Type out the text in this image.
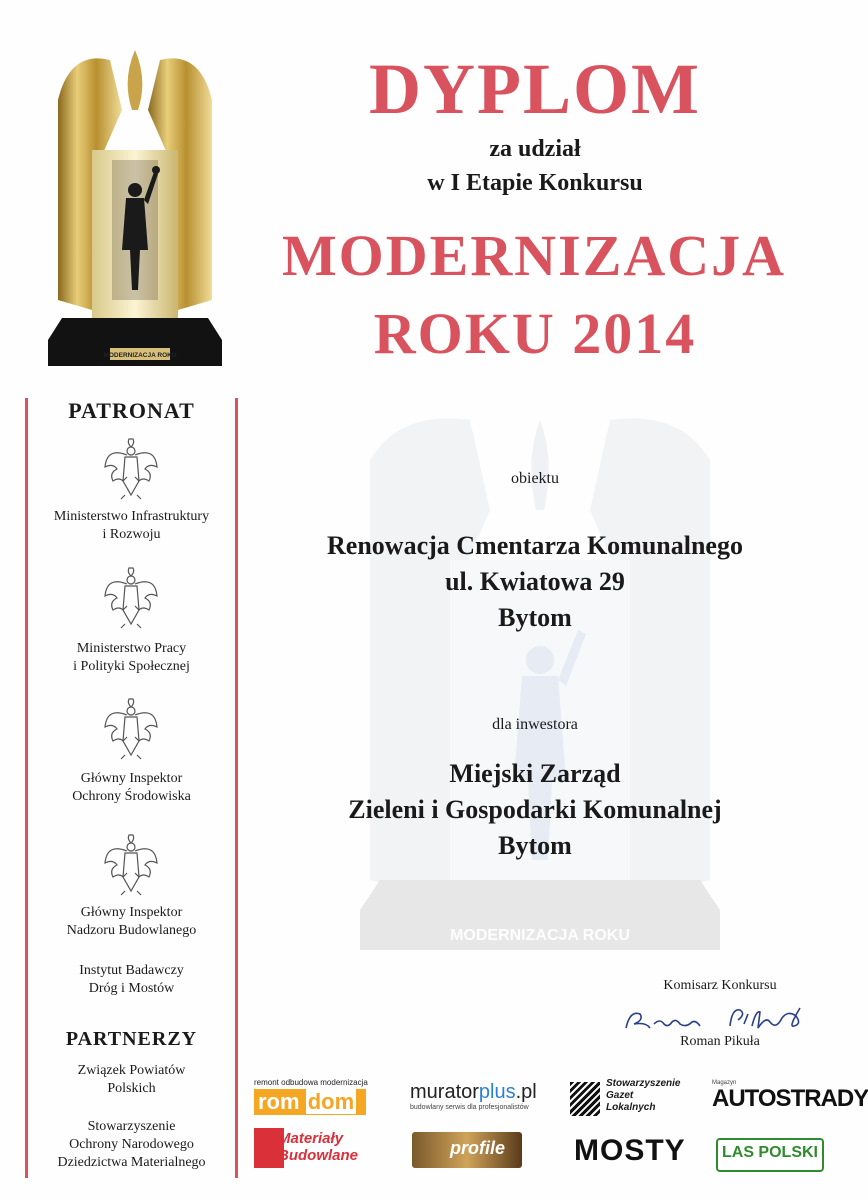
MODERNIZACJA ROKU
MODERNIZACJA ROKU
DYPLOM
za udział
w I Etapie Konkursu
MODERNIZACJA
ROKU 2014
obiektu
Renowacja Cmentarza Komunalnego
ul. Kwiatowa 29
Bytom
dla inwestora
Miejski Zarząd
Zieleni i Gospodarki Komunalnej
Bytom
Komisarz Konkursu
Roman Pikuła
PATRONAT
Ministerstwo Infrastruktury
i Rozwoju
Ministerstwo Pracy
i Polityki Społecznej
Główny Inspektor
Ochrony Środowiska
Główny Inspektor
Nadzoru Budowlanego
Instytut Badawczy
Dróg i Mostów
PARTNERZY
Związek Powiatów
Polskich
Stowarzyszenie
Ochrony Narodowego
Dziedzictwa Materialnego
remont odbudowa modernizacja
rom dom	muratorplus.pl
budowlany serwis dla profesjonalistów
Stowarzyszenie
Gazet
Lokalnych
Magazyn
AUTOSTRADY
Materiały
Budowlane	profile MOSTY LAS POLSKI
